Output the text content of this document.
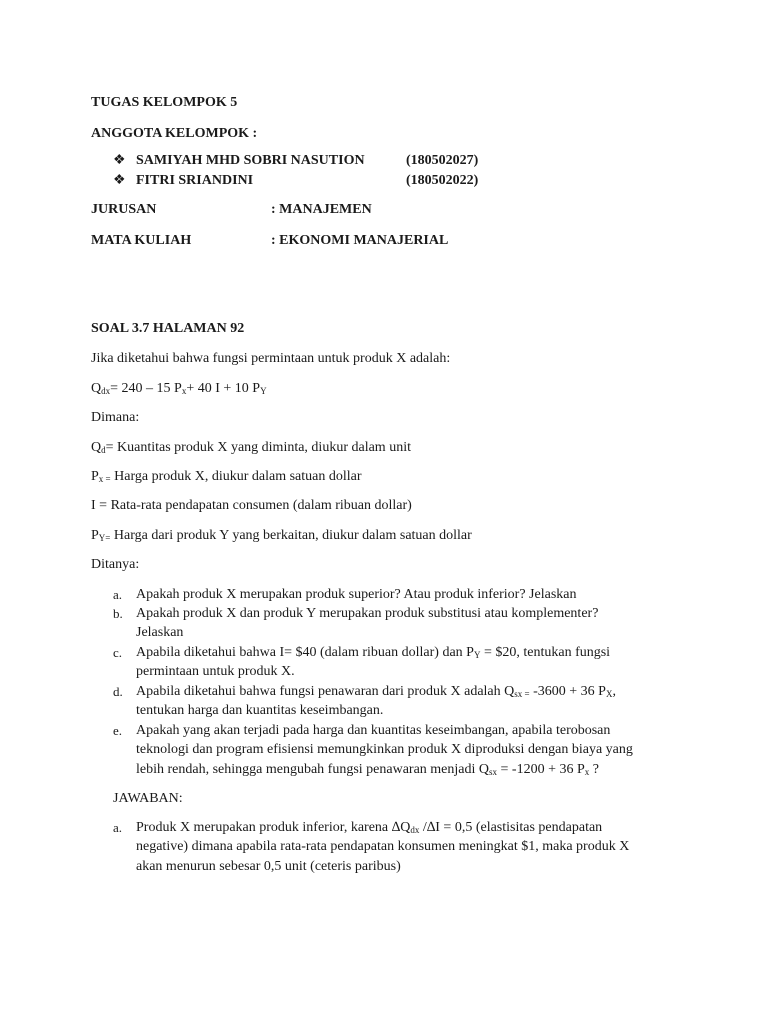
TUGAS KELOMPOK 5
ANGGOTA KELOMPOK :
❖ SAMIYAH MHD SOBRI NASUTION	(180502027)
❖ FITRI SRIANDINI	(180502022)
JURUSAN	: MANAJEMEN
MATA KULIAH	: EKONOMI MANAJERIAL
SOAL 3.7 HALAMAN 92
Jika diketahui bahwa fungsi permintaan untuk produk X adalah:
$Q_{dx}= 240 - 15$ $P_x+ 40$ I + 10 $P_Y$
Dimana:
$Q_d=$ Kuantitas produk X yang diminta, diukur dalam unit
$P_{x =}$ Harga produk X, diukur dalam satuan dollar
I = Rata-rata pendapatan consumen (dalam ribuan dollar)
$P_{Y=}$ Harga dari produk Y yang berkaitan, diukur dalam satuan dollar
Ditanya:
a. Apakah produk X merupakan produk superior? Atau produk inferior? Jelaskan
b. Apakah produk X dan produk Y merupakan produk substitusi atau komplementer?
Jelaskan
c. Apabila diketahui bahwa I= $40 (dalam ribuan dollar) dan $P_Y$ = $20, tentukan fungsi
permintaan untuk produk X.
d. Apabila diketahui bahwa fungsi penawaran dari produk X adalah $Q_{sx =}$ -3600 + 36 $P_X$,
tentukan harga dan kuantitas keseimbangan.
e. Apakah yang akan terjadi pada harga dan kuantitas keseimbangan, apabila terobosan
teknologi dan program efisiensi memungkinkan produk X diproduksi dengan biaya yang
lebih rendah, sehingga mengubah fungsi penawaran menjadi $Q_{sx} = -1200 + 36$ $P_x$ ?
JAWABAN:
a. Produk X merupakan produk inferior, karena $\Delta Q_{dx}$ /∆I = 0,5 (elastisitas pendapatan
negative) dimana apabila rata-rata pendapatan konsumen meningkat $1, maka produk X
akan menurun sebesar 0,5 unit (ceteris paribus)
